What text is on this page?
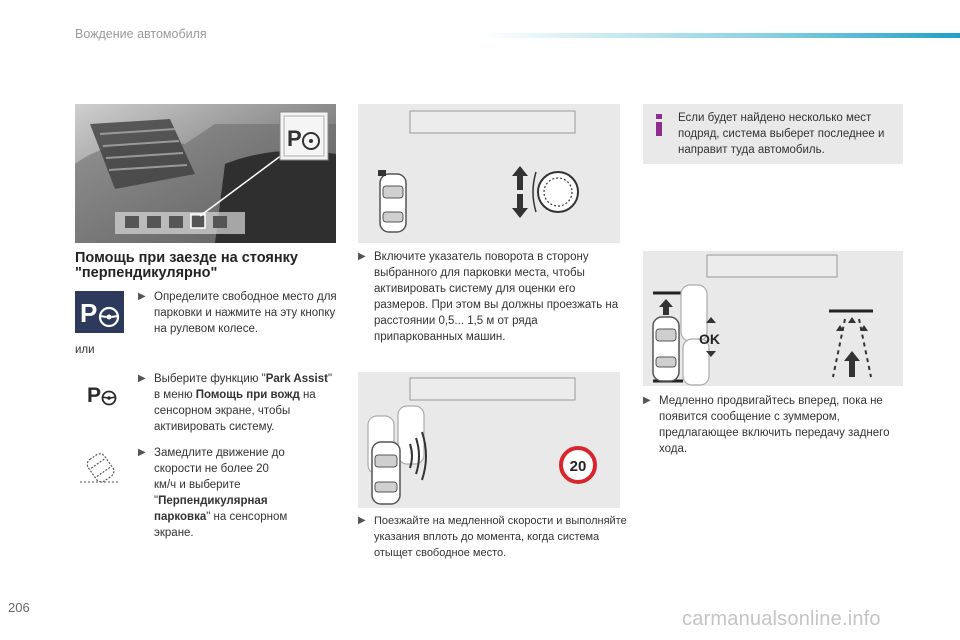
Вождение автомобиля
P
Помощь при заезде на стоянку
"перпендикулярно"
P
▶ Определите свободное место для парковки и нажмите на эту кнопку на рулевом колесе.
или
P
▶ Выберите функцию "Park Assist" в меню Помощь при вожд на сенсорном экране, чтобы активировать систему.
▶ Замедлите движение до скорости не более 20 км/ч и выберите "Перпендикулярная парковка" на сенсорном экране.
▶ Включите указатель поворота в сторону выбранного для парковки места, чтобы активировать систему для оценки его размеров. При этом вы должны проезжать на расстоянии 0,5... 1,5 м от ряда припаркованных машин.
20
▶ Поезжайте на медленной скорости и выполняйте указания вплоть до момента, когда система отыщет свободное место.
Если будет найдено несколько мест подряд, система выберет последнее и направит туда автомобиль.
OK
▶ Медленно продвигайтесь вперед, пока не появится сообщение с зуммером, предлагающее включить передачу заднего хода.
206
carmanualsonline.info
